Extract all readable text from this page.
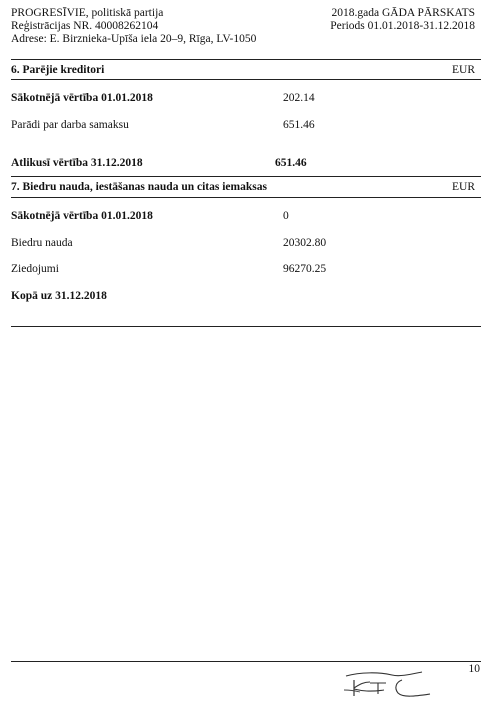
PROGRESĪVIE, politiskā partija
Reģistrācijas NR. 40008262104
Adrese: E. Birznieka-Upīša iela 20–9, Rīga, LV-1050
2018.gada GĀDA PĀRSKATS
Periods 01.01.2018-31.12.2018
6. Parējie kreditori	EUR
Sākotnējā vērtība 01.01.2018	202.14
Parādi par darba samaksu	651.46
Atlikusī vērtība 31.12.2018	651.46
7. Biedru nauda, iestāšanas nauda un citas iemaksas	EUR
Sākotnējā vērtība 01.01.2018	0
Biedru nauda	20302.80
Ziedojumi	96270.25
Kopā uz 31.12.2018
10
